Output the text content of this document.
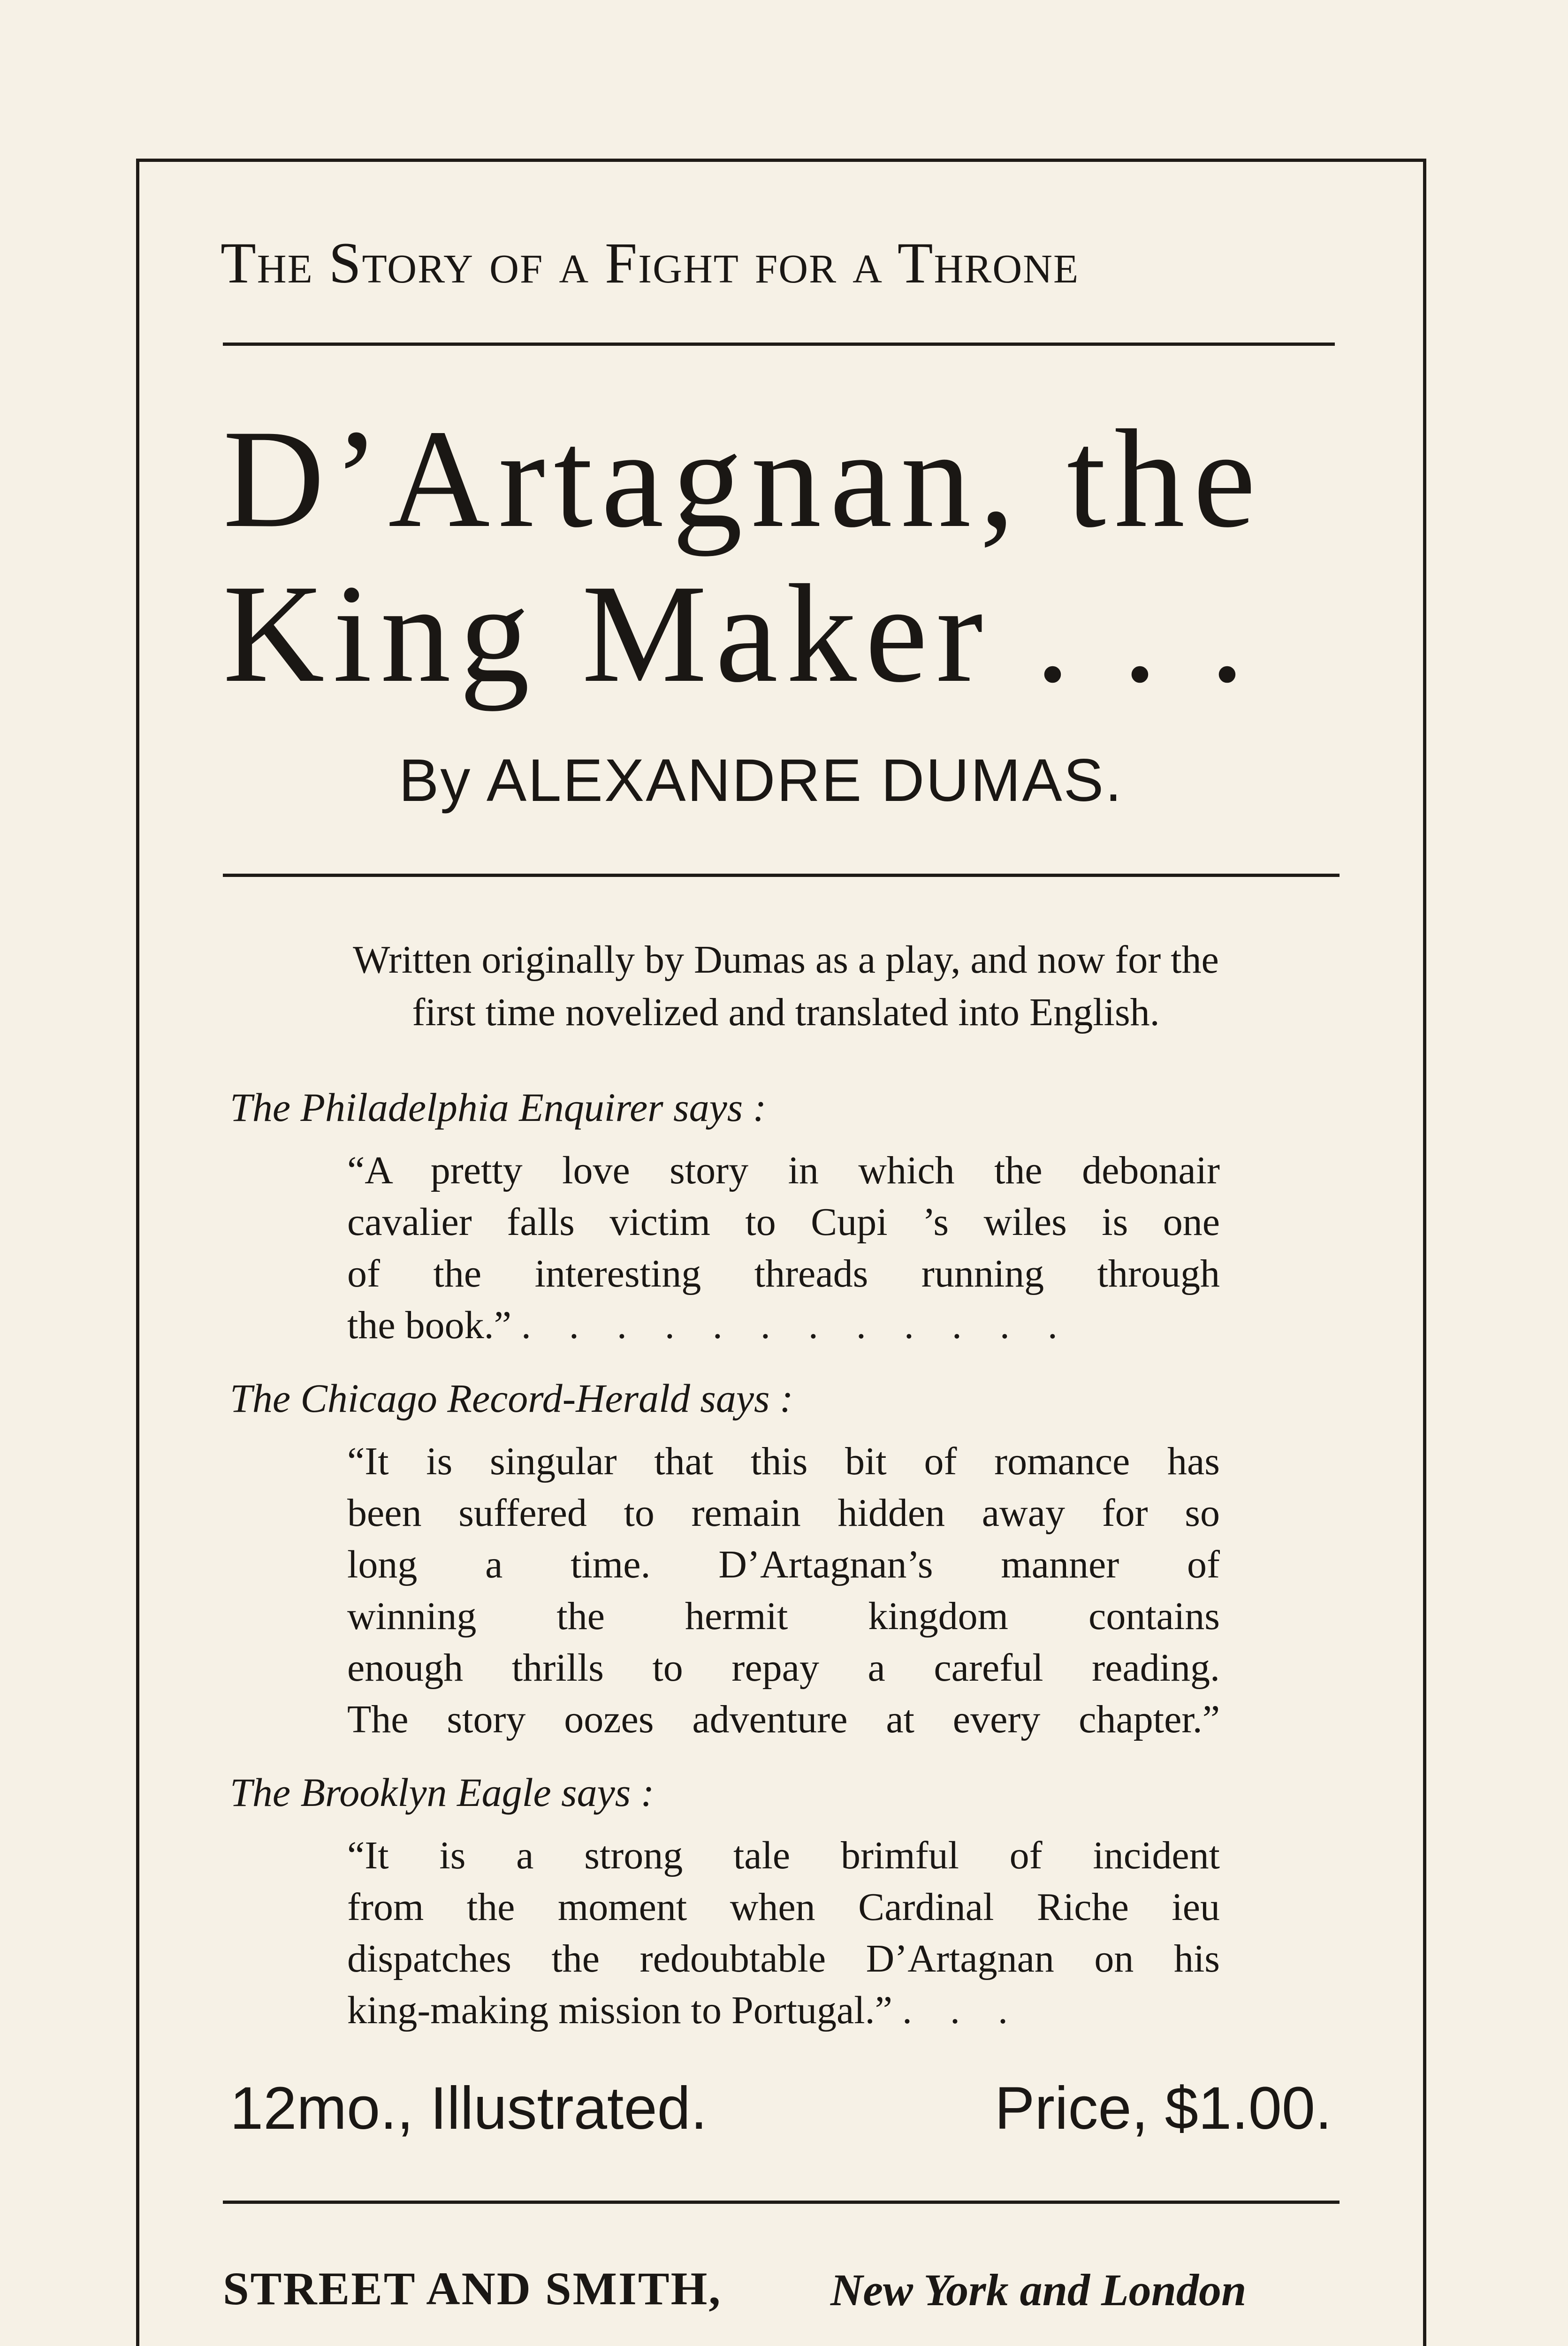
The Story of a Fight for a Throne
D’Artagnan, the
King Maker . . .
By ALEXANDRE DUMAS.
Written originally by Dumas as a play, and now for the
first time novelized and translated into English.
The Philadelphia Enquirer says :
“A pretty love story in which the debonair
cavalier falls victim to Cupi ’s wiles is one
of the interesting threads running through
the book.” . . . . . . . . . . . .
The Chicago Record-Herald says :
“It is singular that this bit of romance has
been suffered to remain hidden away for so
long a time. D’Artagnan’s manner of
winning the hermit kingdom contains
enough thrills to repay a careful reading.
The story oozes adventure at every chapter.”
The Brooklyn Eagle says :
“It is a strong tale brimful of incident
from the moment when Cardinal Riche ieu
dispatches the redoubtable D’Artagnan on his
king-making mission to Portugal.” . . .
12mo., Illustrated.	Price, $1.00.
STREET AND SMITH, New York and London
